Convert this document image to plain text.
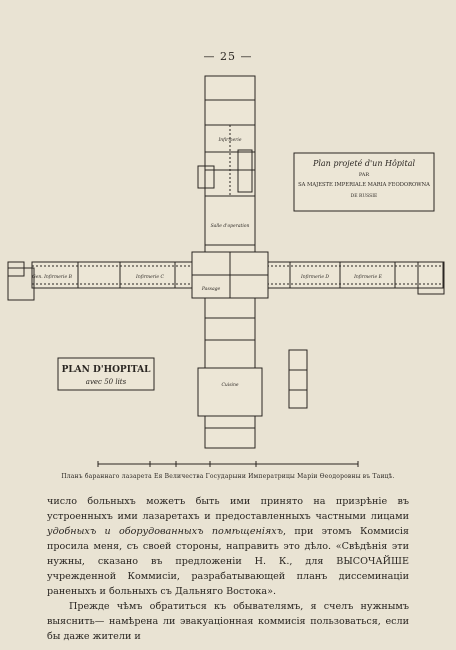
— 25 —
Plan projeté d'un Hôpital
PAR
SA MAJESTE IMPERIALE MARIA FEODOROWNA
DE RUSSIE
PLAN D'HOPITAL
avec 50 lits
Infirmerie
Salle d'operation
Gen. Infirmerie B	Infirmerie C
Passage
Infirmerie D	Infirmerie E
Cuisine
Планъ бараннаго лазарета Ея Величества Государыни Императрицы Маріи Өеодоровны въ Таицѣ.

число больныхъ можетъ быть ими принято на призрѣніе въ устроенныхъ ими лазаретахъ и предоставленныхъ частными лицами удобныхъ и оборудованныхъ помѣщеніяхъ, при этомъ Коммисія просила меня, съ своей стороны, направить это дѣло. «Свѣдѣнія эти нужны, сказано въ предложеніи Н. К., для ВЫСОЧАЙШЕ учрежденной Коммисіи, разрабатывающей планъ дисcеминаціи раненыхъ и больныхъ съ Дальняго Востока».

Прежде чѣмъ обратиться къ обывателямъ, я счелъ нужнымъ выяснить— намѣрена ли эвакуаціонная коммисія пользоваться, если бы даже жители и
